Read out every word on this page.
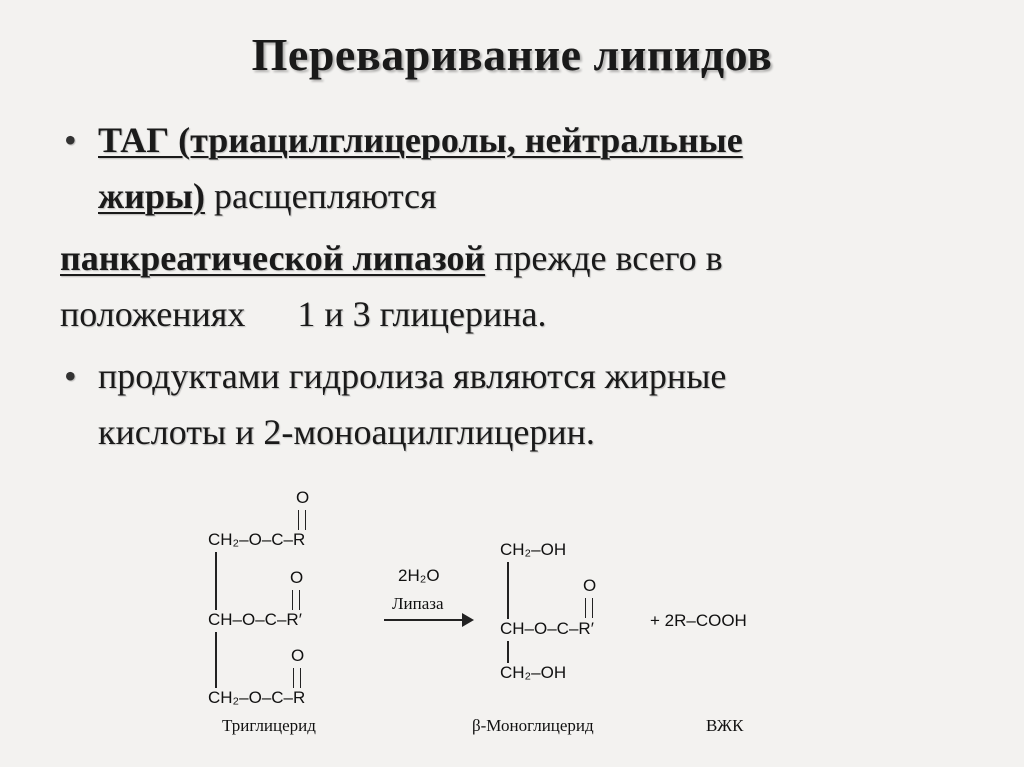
Переваривание липидов
• ТАГ (триацилглицеролы, нейтральные
жиры) расщепляются
панкреатической липазой прежде всего в
положениях 1 и 3 глицерина.
• продуктами гидролиза являются жирные
кислоты и 2-моноацилглицерин.
O
CH₂–O–C–R
O
CH–O–C–R′
O
CH₂–O–C–R
Триглицерид
2H₂O
Липаза
CH₂–OH
O
CH–O–C–R′
CH₂–OH
+ 2R–COOH
β-Моноглицерид	ВЖК
